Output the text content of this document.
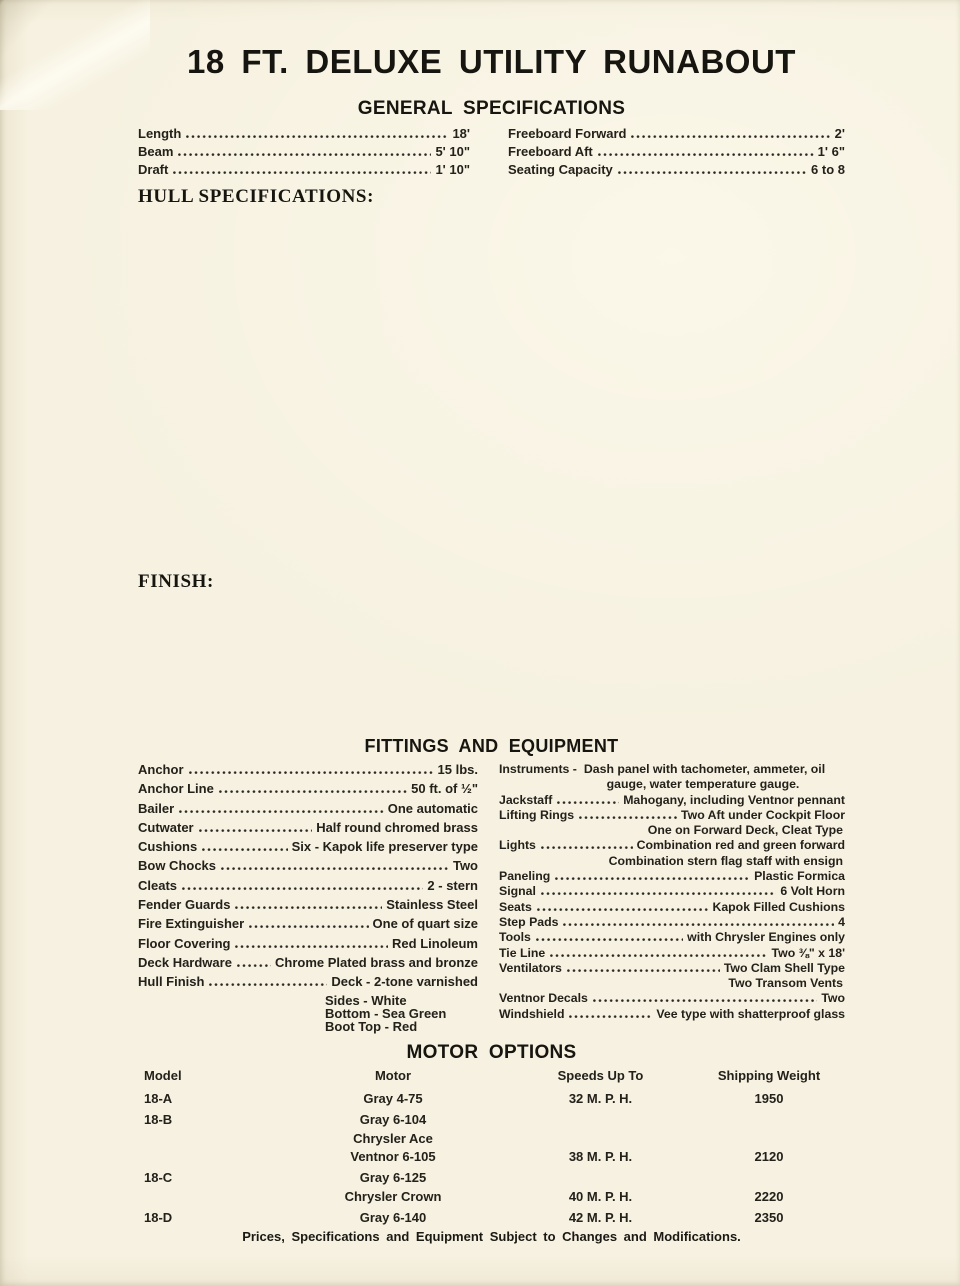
18 FT. DELUXE UTILITY RUNABOUT
GENERAL SPECIFICATIONS
Length	18'
Beam	5' 10"
Draft	1' 10"
Freeboard Forward	2'
Freeboard Aft	1' 6"
Seating Capacity	6 to 8
HULL SPECIFICATIONS:

FINISH:

FITTINGS AND EQUIPMENT
Anchor	15 lbs.
Anchor Line	50 ft. of ½"
Bailer	One automatic
Cutwater	Half round chromed brass
Cushions	Six - Kapok life preserver type
Bow Chocks	Two
Cleats	2 - stern
Fender Guards	Stainless Steel
Fire Extinguisher	One of quart size
Floor Covering	Red Linoleum
Deck Hardware	Chrome Plated brass and bronze
Hull Finish	Deck - 2-tone varnished
Sides - White
Bottom - Sea Green
Boot Top - Red
Instruments - Dash panel with tachometer, ammeter, oil
gauge, water temperature gauge.
Jackstaff	Mahogany, including Ventnor pennant
Lifting Rings	Two Aft under Cockpit Floor
One on Forward Deck, Cleat Type
Lights	Combination red and green forward
Combination stern flag staff with ensign
Paneling	Plastic Formica
Signal	6 Volt Horn
Seats	Kapok Filled Cushions
Step Pads	4
Tools	with Chrysler Engines only
Tie Line	Two ⅜" x 18'
Ventilators	Two Clam Shell Type
Two Transom Vents
Ventnor Decals	Two
Windshield	Vee type with shatterproof glass
MOTOR OPTIONS
Model	Motor	Speeds Up To	Shipping Weight
18-A	Gray 4-75	32 M. P. H.	1950
18-B	Gray 6-104
Chrysler Ace
Ventnor 6-105	38 M. P. H.	2120
18-C	Gray 6-125
Chrysler Crown	40 M. P. H.	2220
18-D	Gray 6-140	42 M. P. H.	2350
Prices, Specifications and Equipment Subject to Changes and Modifications.
